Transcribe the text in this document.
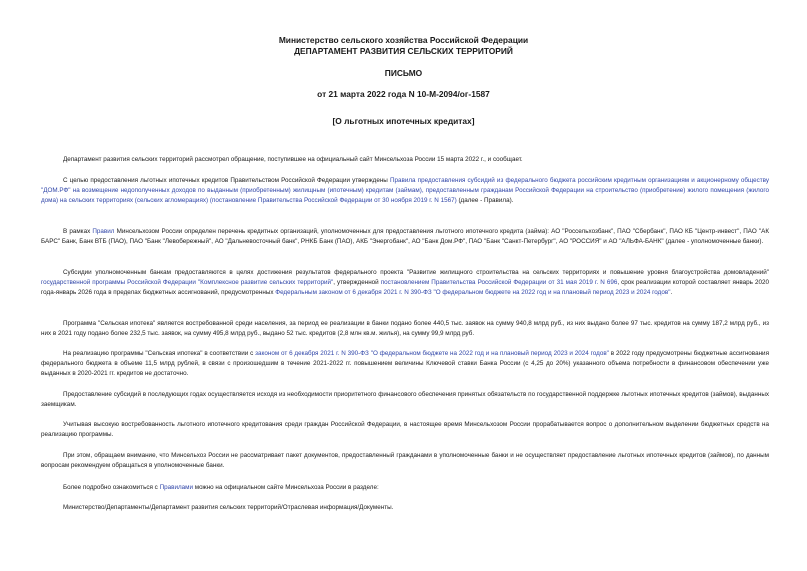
Министерство сельского хозяйства Российской Федерации
ДЕПАРТАМЕНТ РАЗВИТИЯ СЕЛЬСКИХ ТЕРРИТОРИЙ
ПИСЬМО
от 21 марта 2022 года N 10-М-2094/ог-1587
[О льготных ипотечных кредитах]
Департамент развития сельских территорий рассмотрел обращение, поступившее на официальный сайт Минсельхоза России 15 марта 2022 г., и сообщает.
С целью предоставления льготных ипотечных кредитов Правительством Российской Федерации утверждены Правила предоставления субсидий из федерального бюджета российским кредитным организациям и акционерному обществу "ДОМ.РФ" на возмещение недополученных доходов по выданным (приобретенным) жилищным (ипотечным) кредитам (займам), предоставленным гражданам Российской Федерации на строительство (приобретение) жилого помещения (жилого дома) на сельских территориях (сельских агломерациях) (постановление Правительства Российской Федерации от 30 ноября 2019 г. N 1567) (далее - Правила).
В рамках Правил Минсельхозом России определен перечень кредитных организаций, уполномоченных для предоставления льготного ипотечного кредита (займа): АО "Россельхозбанк", ПАО "Сбербанк", ПАО КБ "Центр-инвест", ПАО "АК БАРС" Банк, Банк ВТБ (ПАО), ПАО "Банк "Левобережный", АО "Дальневосточный банк", РНКБ Банк (ПАО), АКБ "Энергобанк", АО "Банк Дом.РФ", ПАО "Банк "Санкт-Петербург", АО "РОССИЯ" и АО "АЛЬФА-БАНК" (далее - уполномоченные банки).
Субсидии уполномоченным банкам предоставляются в целях достижения результатов федерального проекта "Развитие жилищного строительства на сельских территориях и повышение уровня благоустройства домовладений" государственной программы Российской Федерации "Комплексное развитие сельских территорий", утвержденной постановлением Правительства Российской Федерации от 31 мая 2019 г. N 696, срок реализации которой составляет январь 2020 года-январь 2026 года в пределах бюджетных ассигнований, предусмотренных Федеральным законом от 6 декабря 2021 г. N 390-ФЗ "О федеральном бюджете на 2022 год и на плановый период 2023 и 2024 годов".
Программа "Сельская ипотека" является востребованной среди населения, за период ее реализации в банки подано более 440,5 тыс. заявок на сумму 940,8 млрд руб., из них выдано более 97 тыс. кредитов на сумму 187,2 млрд руб., из них в 2021 году подано более 232,5 тыс. заявок, на сумму 495,8 млрд руб., выдано 52 тыс. кредитов (2,8 млн кв.м. жилья), на сумму 99,9 млрд руб.
На реализацию программы "Сельская ипотека" в соответствии с законом от 6 декабря 2021 г. N 390-ФЗ "О федеральном бюджете на 2022 год и на плановый период 2023 и 2024 годов" в 2022 году предусмотрены бюджетные ассигнования федерального бюджета в объеме 11,5 млрд рублей, в связи с произошедшим в течение 2021-2022 гг. повышением величины Ключевой ставки Банка России (с 4,25 до 20%) указанного объема потребности в финансовом обеспечении уже выданных в 2020-2021 гг. кредитов не достаточно.
Предоставление субсидий в последующих годах осуществляется исходя из необходимости приоритетного финансового обеспечения принятых обязательств по государственной поддержке льготных ипотечных кредитов (займов), выданных заемщикам.
Учитывая высокую востребованность льготного ипотечного кредитования среди граждан Российской Федерации, в настоящее время Минсельхозом России прорабатывается вопрос о дополнительном выделении бюджетных средств на реализацию программы.
При этом, обращаем внимание, что Минсельхоз России не рассматривает пакет документов, предоставленный гражданами в уполномоченные банки и не осуществляет предоставление льготных ипотечных кредитов (займов), по данным вопросам рекомендуем обращаться в уполномоченные банки.
Более подробно ознакомиться с Правилами можно на официальном сайте Минсельхоза России в разделе:
Министерство/Департаменты/Департамент развития сельских территорий/Отраслевая информация/Документы.
